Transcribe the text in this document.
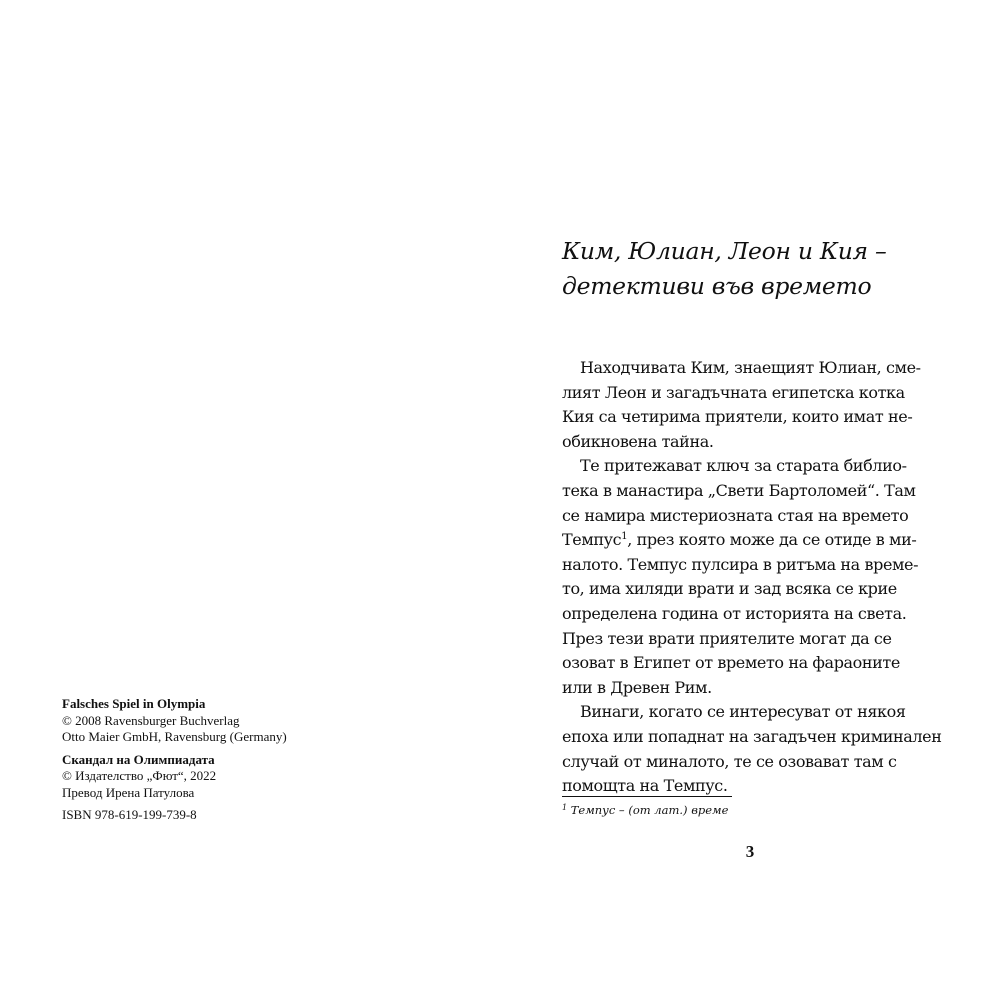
Falsches Spiel in Olympia
© 2008 Ravensburger Buchverlag
Otto Maier GmbH, Ravensburg (Germany)
Скандал на Олимпиадата
© Издателство „Фют“, 2022
Превод Ирена Патулова
ISBN 978-619-199-739-8
Ким, Юлиан, Леон и Кия –
детективи във времето

Находчивата Ким, знаещият Юлиан, сме-
лият Леон и загадъчната египетска котка
Кия са четирима приятели, които имат не-
обикновена тайна.

Те притежават ключ за старата библио-
тека в манастира „Свети Бартоломей“. Там
се намира мистериозната стая на времето
Темпус$^1$, през която може да се отиде в ми-
налото. Темпус пулсира в ритъма на време-
то, има хиляди врати и зад всяка се крие
определена година от историята на света.
През тези врати приятелите могат да се
озоват в Египет от времето на фараоните
или в Древен Рим.

Винаги, когато се интересуват от някоя
епоха или попаднат на загадъчен криминален
случай от миналото, те се озовават там с
помощта на Темпус.

$^1$ Темпус – (от лат.) време
3
